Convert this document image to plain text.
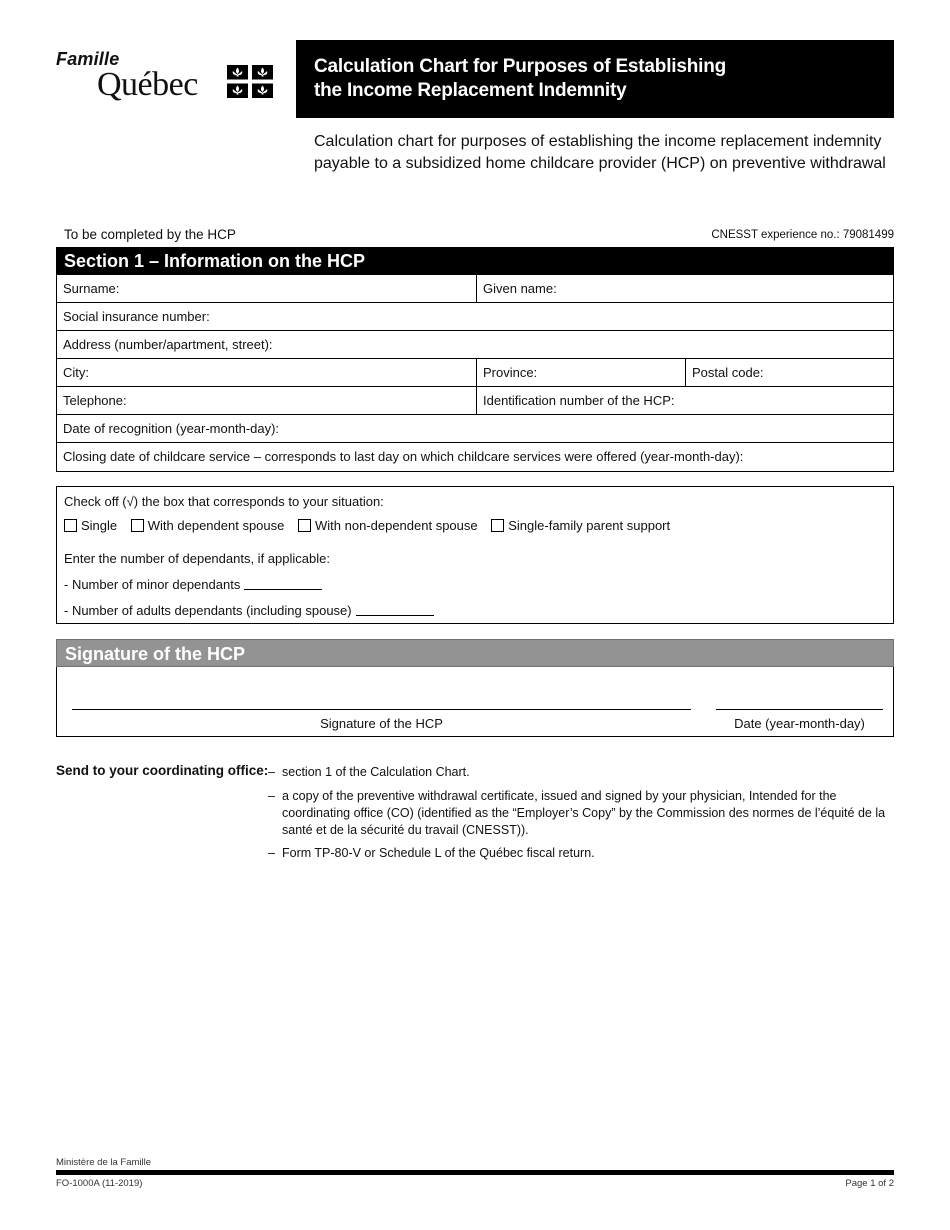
Famille
Québec	Calculation Chart for Purposes of Establishing
the Income Replacement Indemnity
Calculation chart for purposes of establishing the income replacement indemnity
payable to a subsidized home childcare provider (HCP) on preventive withdrawal
To be completed by the HCP	CNESST experience no.: 79081499
Section 1 – Information on the HCP
Surname:	Given name:
Social insurance number:
Address (number/apartment, street):
City:	Province:	Postal code:
Telephone:	Identification number of the HCP:
Date of recognition (year-month-day):
Closing date of childcare service – corresponds to last day on which childcare services were offered (year-month-day):
Check off (√) the box that corresponds to your situation:
Single With dependent spouse With non-dependent spouse Single-family parent support
Enter the number of dependants, if applicable:
- Number of minor dependants
- Number of adults dependants (including spouse)
Signature of the HCP
Signature of the HCP	Date (year-month-day)
Send to your coordinating office: – section 1 of the Calculation Chart.
– a copy of the preventive withdrawal certificate, issued and signed by your physician, Intended for the coordinating office (CO) (identified as the “Employer’s Copy” by the Commission des normes de l’équité de la santé et de la sécurité du travail (CNESST)).
– Form TP-80-V or Schedule L of the Québec fiscal return.
Ministère de la Famille
FO-1000A (11-2019)	Page 1 of 2
